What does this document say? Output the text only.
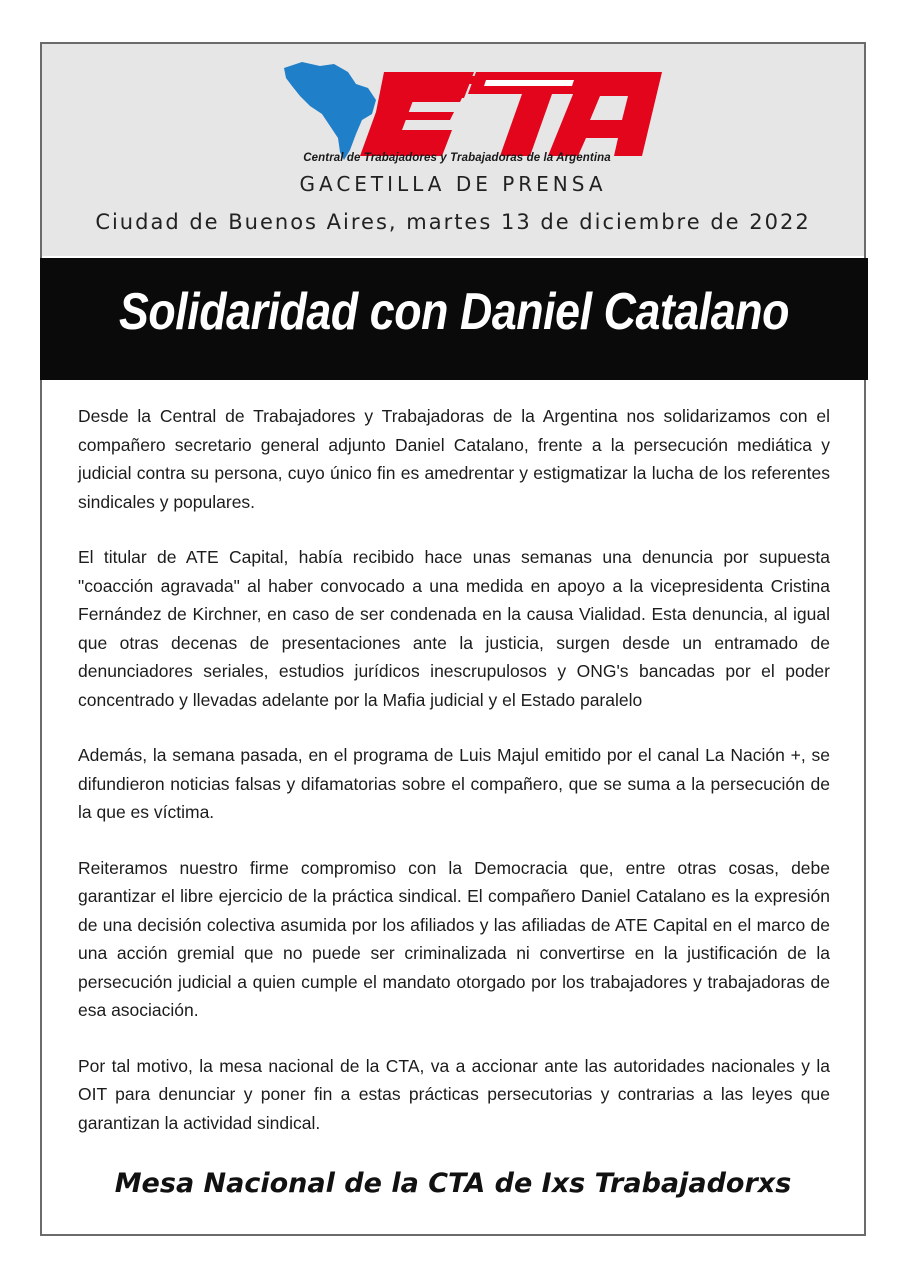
Central de Trabajadores y Trabajadoras de la Argentina
GACETILLA DE PRENSA
Ciudad de Buenos Aires, martes 13 de diciembre de 2022
Solidaridad con Daniel Catalano

Desde la Central de Trabajadores y Trabajadoras de la Argentina nos solidarizamos con el compañero secretario general adjunto Daniel Catalano, frente a la persecución mediática y judicial contra su persona, cuyo único fin es amedrentar y estigmatizar la lucha de los referentes sindicales y populares.

El titular de ATE Capital, había recibido hace unas semanas una denuncia por supuesta "coacción agravada" al haber convocado a una medida en apoyo a la vicepresidenta Cristina Fernández de Kirchner, en caso de ser condenada en la causa Vialidad. Esta denuncia, al igual que otras decenas de presentaciones ante la justicia, surgen desde un entramado de denunciadores seriales, estudios jurídicos inescrupulosos y ONG's bancadas por el poder concentrado y llevadas adelante por la Mafia judicial y el Estado paralelo

Además, la semana pasada, en el programa de Luis Majul emitido por el canal La Nación +, se difundieron noticias falsas y difamatorias sobre el compañero, que se suma a la persecución de la que es víctima.

Reiteramos nuestro firme compromiso con la Democracia que, entre otras cosas, debe garantizar el libre ejercicio de la práctica sindical. El compañero Daniel Catalano es la expresión de una decisión colectiva asumida por los afiliados y las afiliadas de ATE Capital en el marco de una acción gremial que no puede ser criminalizada ni convertirse en la justificación de la persecución judicial a quien cumple el mandato otorgado por los trabajadores y trabajadoras de esa asociación.

Por tal motivo, la mesa nacional de la CTA, va a accionar ante las autoridades nacionales y la OIT para denunciar y poner fin a estas prácticas persecutorias y contrarias a las leyes que garantizan la actividad sindical.

Mesa Nacional de la CTA de Ixs Trabajadorxs
